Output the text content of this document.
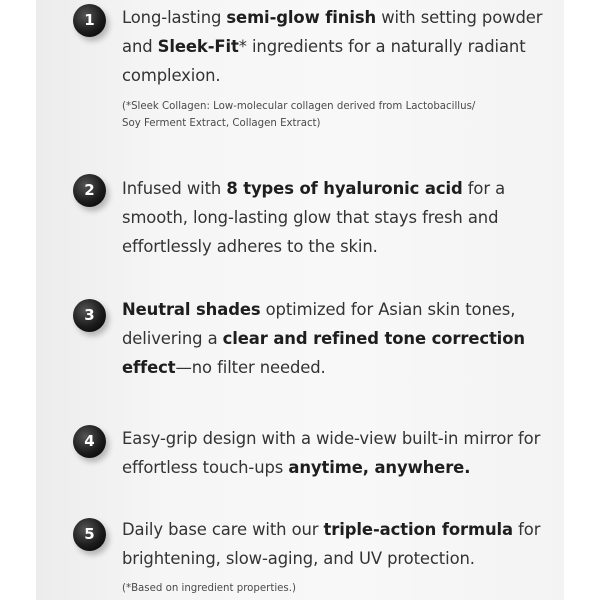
1	Long-lasting semi-glow finish with setting powder and Sleek-Fit* ingredients for a naturally radiant complexion.
(*Sleek Collagen: Low-molecular collagen derived from Lactobacillus/
Soy Ferment Extract, Collagen Extract)
2	Infused with 8 types of hyaluronic acid for a smooth, long-lasting glow that stays fresh and effortlessly adheres to the skin.
3	Neutral shades optimized for Asian skin tones, delivering a clear and refined tone correction effect—no filter needed.
4	Easy-grip design with a wide-view built-in mirror for effortless touch-ups anytime, anywhere.
5	Daily base care with our triple-action formula for brightening, slow-aging, and UV protection.
(*Based on ingredient properties.)
